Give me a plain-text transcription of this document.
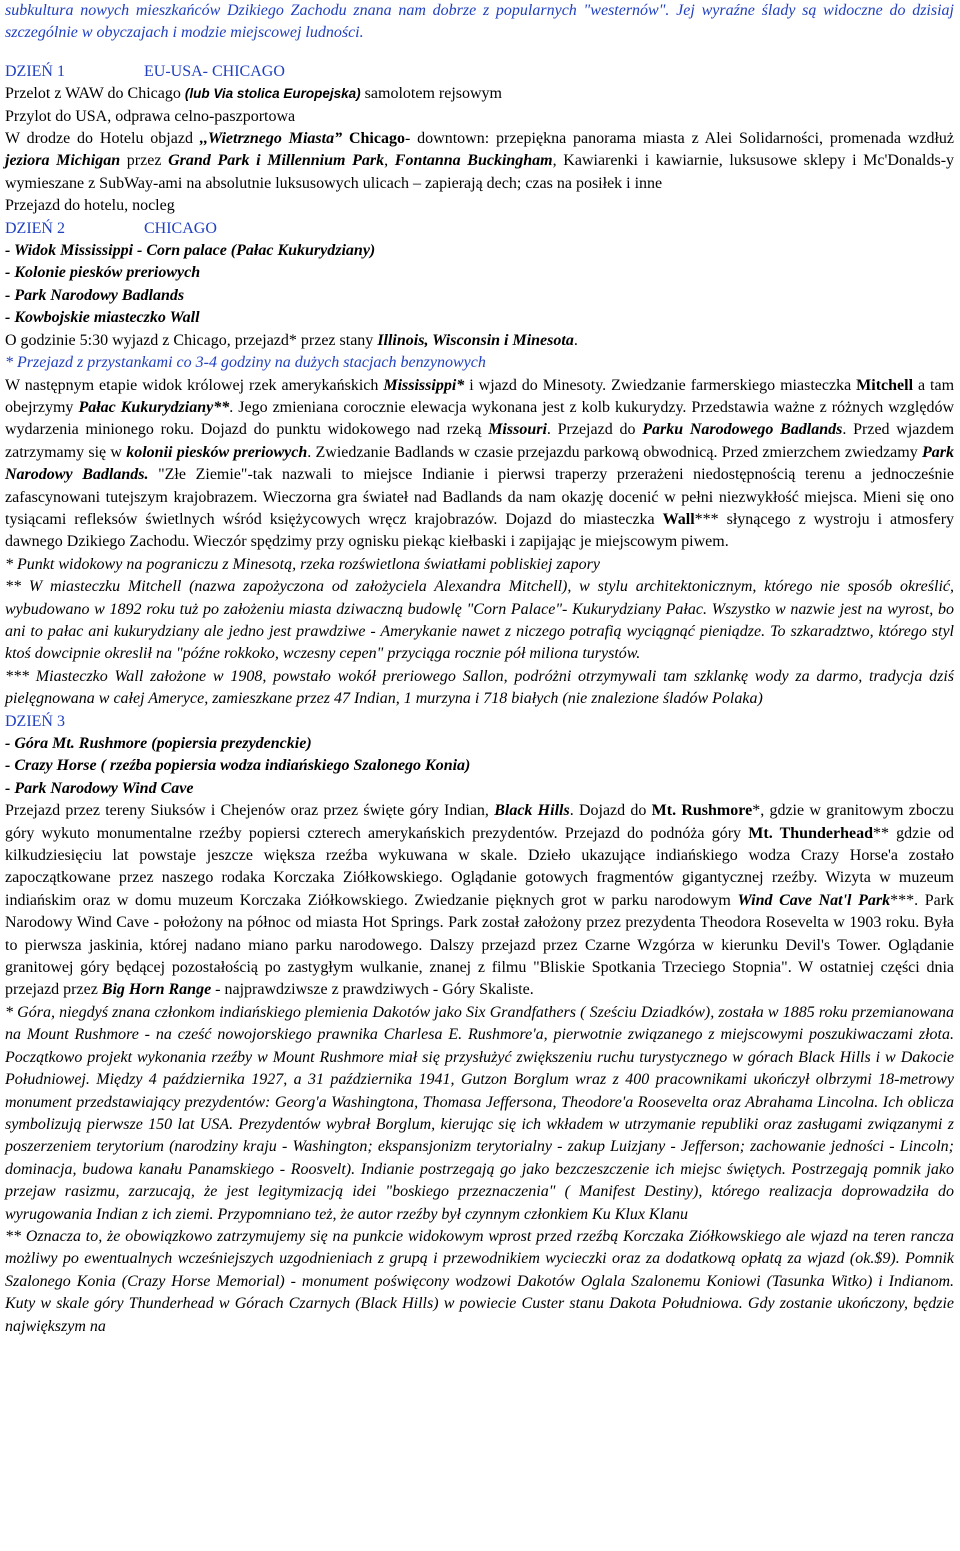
subkultura nowych mieszkańców Dzikiego Zachodu znana nam dobrze z popularnych "westernów". Jej wyraźne ślady są widoczne do dzisiaj szczególnie w obyczajach i modzie miejscowej ludności.

DZIEŃ 1	EU-USA- CHICAGO

Przelot z WAW do Chicago (lub Via stolica Europejska) samolotem rejsowym

Przylot do USA, odprawa celno-paszportowa

W drodze do Hotelu objazd ,,Wietrznego Miasta” Chicago- downtown: przepiękna panorama miasta z Alei Solidarności, promenada wzdłuż jeziora Michigan przez Grand Park i Millennium Park, Fontanna Buckingham, Kawiarenki i kawiarnie, luksusowe sklepy i Mc'Donalds-y wymieszane z SubWay-ami na absolutnie luksusowych ulicach – zapierają dech; czas na posiłek i inne

Przejazd do hotelu, nocleg

DZIEŃ 2	CHICAGO

- Widok Mississippi - Corn palace (Pałac Kukurydziany)

- Kolonie piesków preriowych

- Park Narodowy Badlands

- Kowbojskie miasteczko Wall

O godzinie 5:30 wyjazd z Chicago, przejazd* przez stany Illinois, Wisconsin i Minesota.

* Przejazd z przystankami co 3-4 godziny na dużych stacjach benzynowych

W następnym etapie widok królowej rzek amerykańskich Mississippi* i wjazd do Minesoty. Zwiedzanie farmerskiego miasteczka Mitchell a tam obejrzymy Pałac Kukurydziany**. Jego zmieniana corocznie elewacja wykonana jest z kolb kukurydzy. Przedstawia ważne z różnych względów wydarzenia minionego roku. Dojazd do punktu widokowego nad rzeką Missouri. Przejazd do Parku Narodowego Badlands. Przed wjazdem zatrzymamy się w kolonii piesków preriowych. Zwiedzanie Badlands w czasie przejazdu parkową obwodnicą. Przed zmierzchem zwiedzamy Park Narodowy Badlands. "Złe Ziemie"-tak nazwali to miejsce Indianie i pierwsi traperzy przerażeni niedostępnością terenu a jednocześnie zafascynowani tutejszym krajobrazem. Wieczorna gra świateł nad Badlands da nam okazję docenić w pełni niezwykłość miejsca. Mieni się ono tysiącami refleksów świetlnych wśród księżycowych wręcz krajobrazów. Dojazd do miasteczka Wall*** słynącego z wystroju i atmosfery dawnego Dzikiego Zachodu. Wieczór spędzimy przy ognisku piekąc kiełbaski i zapijając je miejscowym piwem.

* Punkt widokowy na pograniczu z Minesotą, rzeka rozświetlona światłami pobliskiej zapory

** W miasteczku Mitchell (nazwa zapożyczona od założyciela Alexandra Mitchell), w stylu architektonicznym, którego nie sposób określić, wybudowano w 1892 roku tuż po założeniu miasta dziwaczną budowlę "Corn Palace"- Kukurydziany Pałac. Wszystko w nazwie jest na wyrost, bo ani to pałac ani kukurydziany ale jedno jest prawdziwe - Amerykanie nawet z niczego potrafią wyciągnąć pieniądze. To szkaradztwo, którego styl ktoś dowcipnie okreslił na "późne rokkoko, wczesny cepen" przyciąga rocznie pół miliona turystów.

*** Miasteczko Wall założone w 1908, powstało wokół preriowego Sallon, podróżni otrzymywali tam szklankę wody za darmo, tradycja dziś pielęgnowana w całej Ameryce, zamieszkane przez 47 Indian, 1 murzyna i 718 białych (nie znalezione śladów Polaka)

DZIEŃ 3

- Góra Mt. Rushmore (popiersia prezydenckie)

- Crazy Horse ( rzeźba popiersia wodza indiańskiego Szalonego Konia)

- Park Narodowy Wind Cave

Przejazd przez tereny Siuksów i Chejenów oraz przez święte góry Indian, Black Hills. Dojazd do Mt. Rushmore*, gdzie w granitowym zboczu góry wykuto monumentalne rzeźby popiersi czterech amerykańskich prezydentów. Przejazd do podnóża góry Mt. Thunderhead** gdzie od kilkudziesięciu lat powstaje jeszcze większa rzeźba wykuwana w skale. Dzieło ukazujące indiańskiego wodza Crazy Horse'a zostało zapoczątkowane przez naszego rodaka Korczaka Ziółkowskiego. Oglądanie gotowych fragmentów gigantycznej rzeźby. Wizyta w muzeum indiańskim oraz w domu muzeum Korczaka Ziółkowskiego. Zwiedzanie pięknych grot w parku narodowym Wind Cave Nat'l Park***. Park Narodowy Wind Cave - położony na północ od miasta Hot Springs. Park został założony przez prezydenta Theodora Rosevelta w 1903 roku. Była to pierwsza jaskinia, której nadano miano parku narodowego. Dalszy przejazd przez Czarne Wzgórza w kierunku Devil's Tower. Oglądanie granitowej góry będącej pozostałością po zastygłym wulkanie, znanej z filmu "Bliskie Spotkania Trzeciego Stopnia". W ostatniej części dnia przejazd przez Big Horn Range - najprawdziwsze z prawdziwych - Góry Skaliste.

* Góra, niegdyś znana członkom indiańskiego plemienia Dakotów jako Six Grandfathers ( Sześciu Dziadków), została w 1885 roku przemianowana na Mount Rushmore - na cześć nowojorskiego prawnika Charlesa E. Rushmore'a, pierwotnie związanego z miejscowymi poszukiwaczami złota. Początkowo projekt wykonania rzeźby w Mount Rushmore miał się przysłużyć zwiększeniu ruchu turystycznego w górach Black Hills i w Dakocie Południowej. Między 4 października 1927, a 31 października 1941, Gutzon Borglum wraz z 400 pracownikami ukończył olbrzymi 18-metrowy monument przedstawiający prezydentów: Georg'a Washingtona, Thomasa Jeffersona, Theodore'a Roosevelta oraz Abrahama Lincolna. Ich oblicza symbolizują pierwsze 150 lat USA. Prezydentów wybrał Borglum, kierując się ich wkładem w utrzymanie republiki oraz zasługami związanymi z poszerzeniem terytorium (narodziny kraju - Washington; ekspansjonizm terytorialny - zakup Luizjany - Jefferson; zachowanie jedności - Lincoln; dominacja, budowa kanału Panamskiego - Roosvelt). Indianie postrzegają go jako bezczeszczenie ich miejsc świętych. Postrzegają pomnik jako przejaw rasizmu, zarzucają, że jest legitymizacją idei "boskiego przeznaczenia" ( Manifest Destiny), którego realizacja doprowadziła do wyrugowania Indian z ich ziemi. Przypomniano też, że autor rzeźby był czynnym członkiem Ku Klux Klanu

** Oznacza to, że obowiązkowo zatrzymujemy się na punkcie widokowym wprost przed rzeźbą Korczaka Ziółkowskiego ale wjazd na teren rancza możliwy po ewentualnych wcześniejszych uzgodnieniach z grupą i przewodnikiem wycieczki oraz za dodatkową opłatą za wjazd (ok.$9). Pomnik Szalonego Konia (Crazy Horse Memorial) - monument poświęcony wodzowi Dakotów Oglala Szalonemu Koniowi (Tasunka Witko) i Indianom. Kuty w skale góry Thunderhead w Górach Czarnych (Black Hills) w powiecie Custer stanu Dakota Południowa. Gdy zostanie ukończony, będzie największym na
